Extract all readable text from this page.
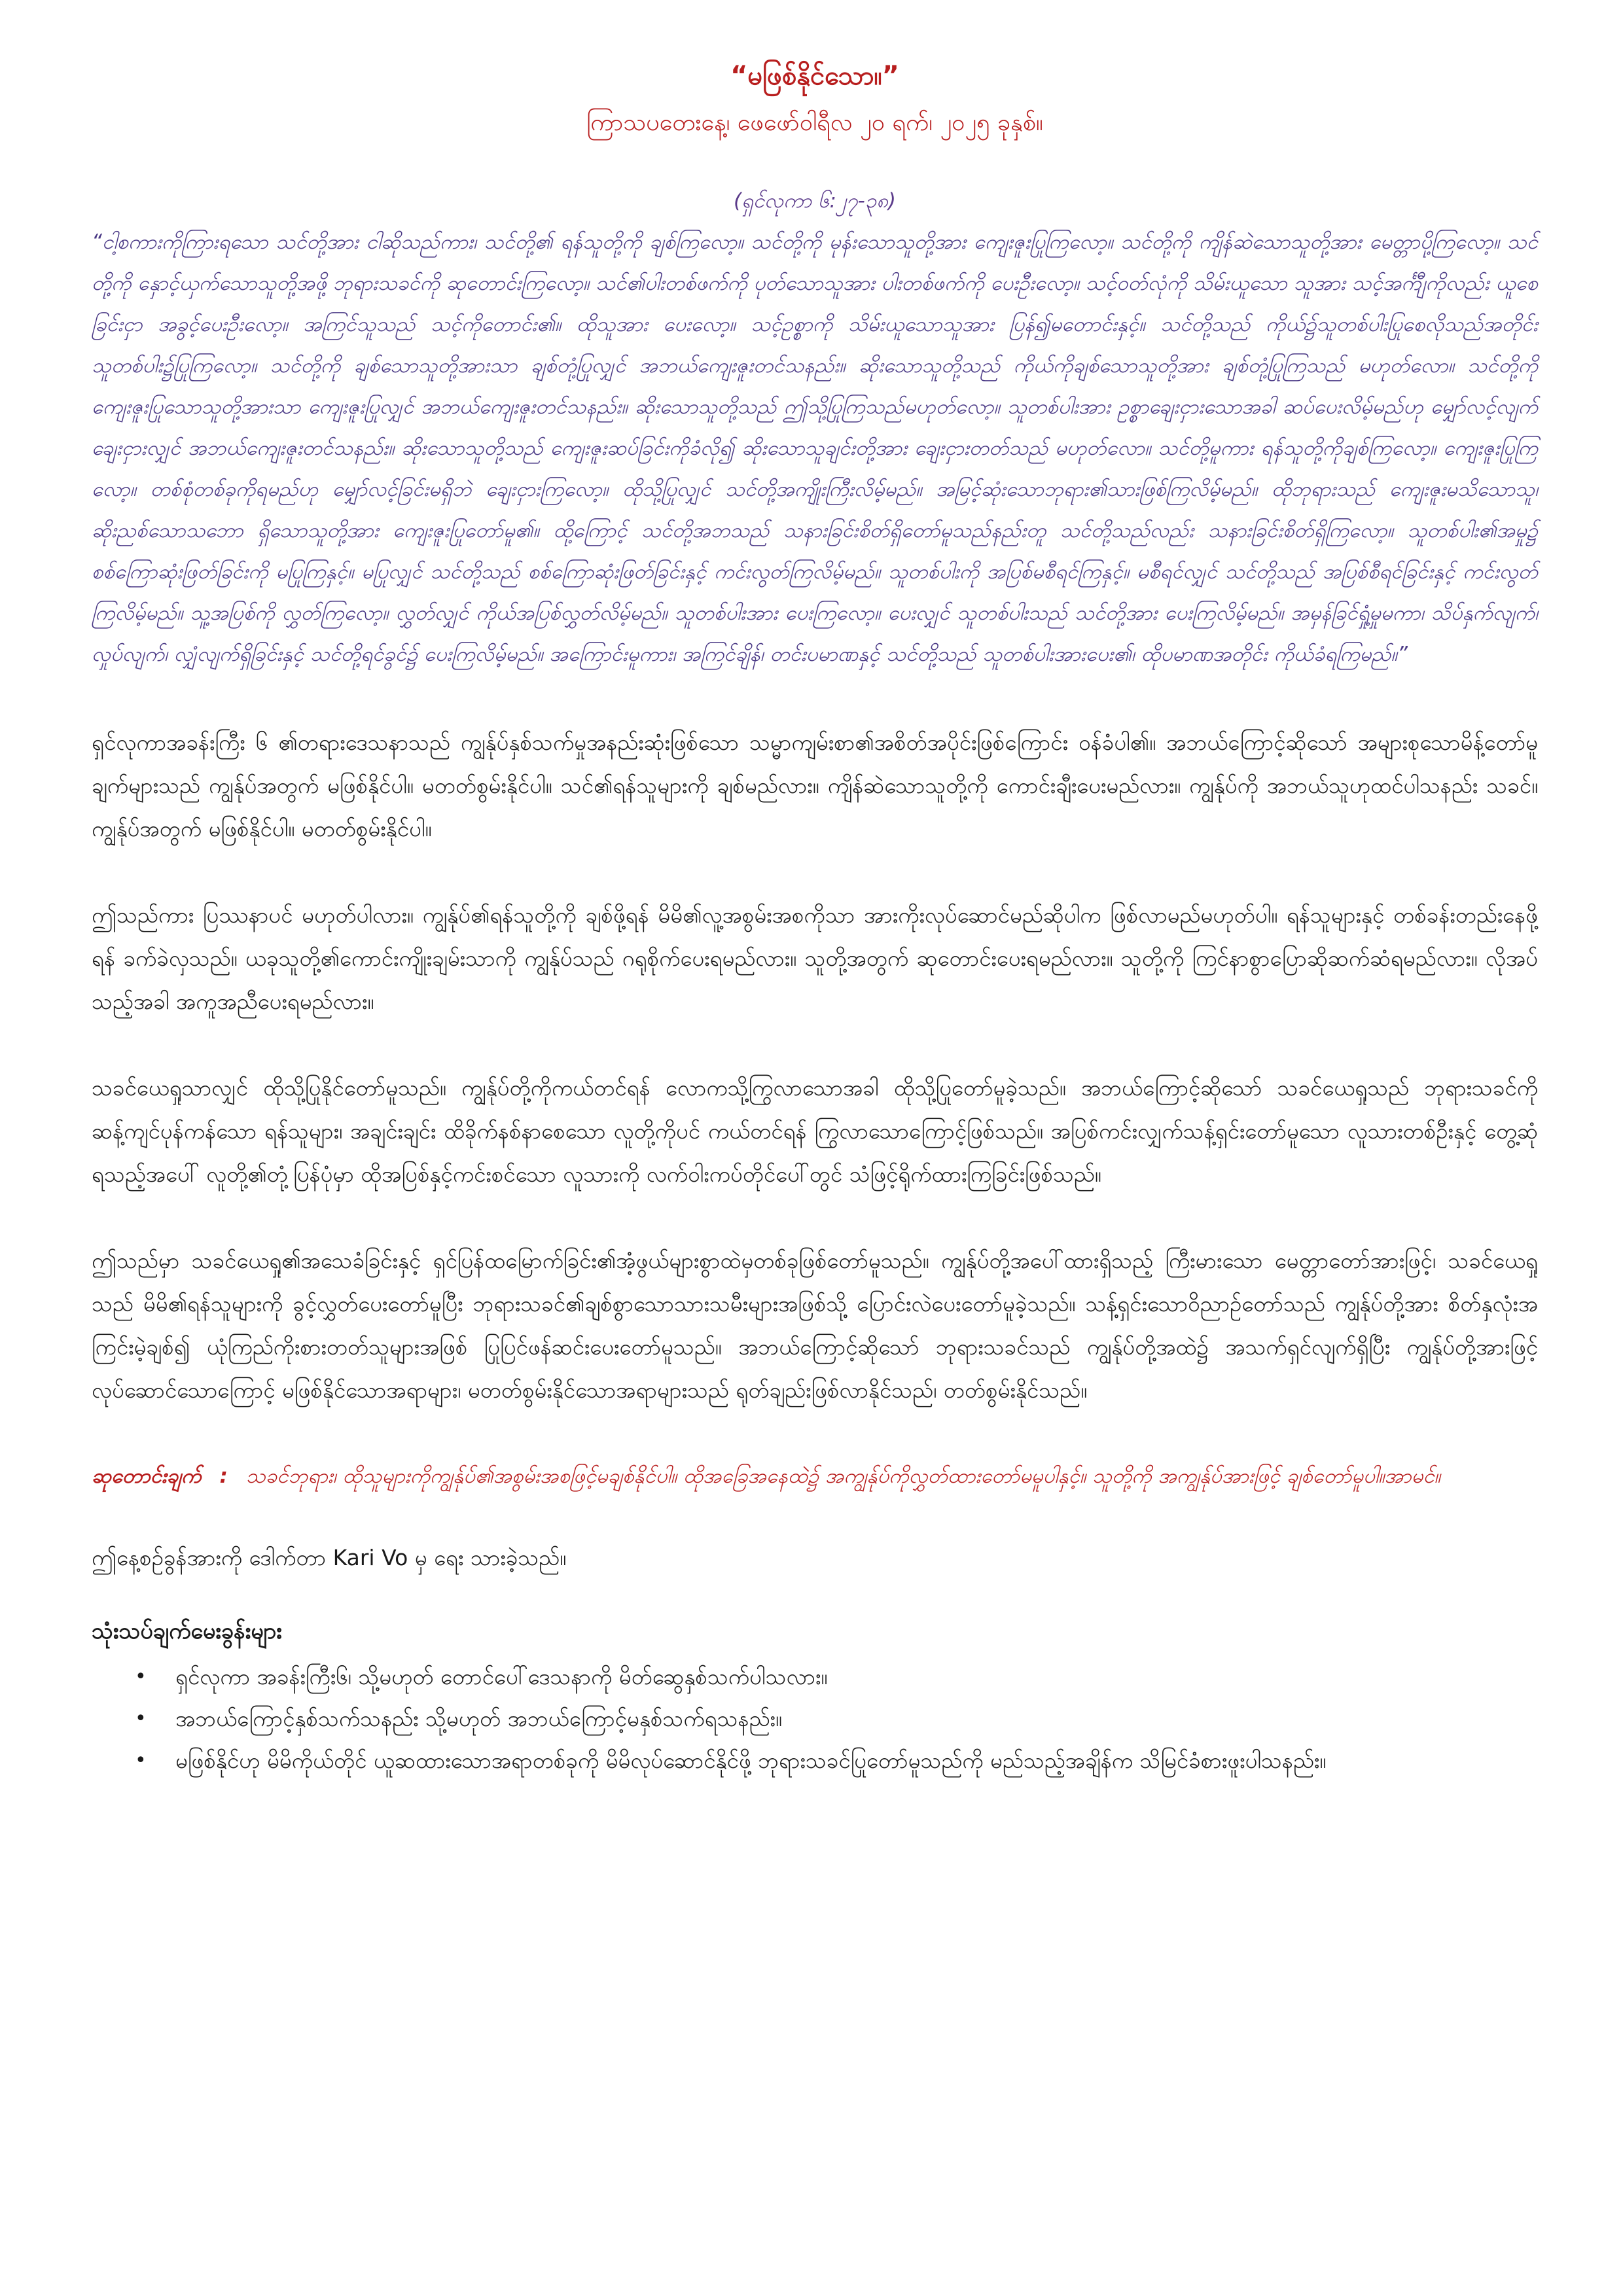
“မဖြစ်နိုင်သော။”
ကြာသပတေးနေ့၊ ဖေဖော်ဝါရီလ ၂၀ ရက်၊ ၂၀၂၅ ခုနှစ်။
(ရှင်လုကာ ၆:၂၇-၃၈)
“ငါ့စကားကိုကြားရသော သင်တို့အား ငါဆိုသည်ကား၊ သင်တို့၏ ရန်သူတို့ကို ချစ်ကြလော့။ သင်တို့ကို မုန်းသောသူတို့အား ကျေးဇူးပြုကြလော့။ သင်တို့ကို ကျိန်ဆဲသောသူတို့အား မေတ္တာပို့ကြလော့။ သင်တို့ကို နှောင့်ယှက်သောသူတို့အဖို့ ဘုရားသခင်ကို ဆုတောင်းကြလော့။ သင်၏ပါးတစ်ဖက်ကို ပုတ်သောသူအား ပါးတစ်ဖက်ကို ပေးဦးလော့။ သင့်ဝတ်လုံကို သိမ်းယူသော သူအား သင့်အင်္ကျီကိုလည်း ယူစေခြင်းငှာ အခွင့်ပေးဦးလော့။ အကြင်သူသည် သင့်ကိုတောင်း၏။ ထိုသူအား ပေးလော့။ သင့်ဥစ္စာကို သိမ်းယူသောသူအား ပြန်၍မတောင်းနှင့်။ သင်တို့သည် ကိုယ်၌သူတစ်ပါးပြုစေလိုသည်အတိုင်း သူတစ်ပါး၌ပြုကြလော့။ သင်တို့ကို ချစ်သောသူတို့အားသာ ချစ်တုံ့ပြုလျှင် အဘယ်ကျေးဇူးတင်သနည်း။ ဆိုးသောသူတို့သည် ကိုယ်ကိုချစ်သောသူတို့အား ချစ်တုံ့ပြုကြသည် မဟုတ်လော။ သင်တို့ကို ကျေးဇူးပြုသောသူတို့အားသာ ကျေးဇူးပြုလျှင် အဘယ်ကျေးဇူးတင်သနည်း။ ဆိုးသောသူတို့သည် ဤသို့ပြုကြသည်မဟုတ်လော့။ သူတစ်ပါးအား ဥစ္စာချေးငှားသောအခါ ဆပ်ပေးလိမ့်မည်ဟု မျှော်လင့်လျက်ချေးငှားလျှင် အဘယ်ကျေးဇူးတင်သနည်း။ ဆိုးသောသူတို့သည် ကျေးဇူးဆပ်ခြင်းကိုခံလို၍ ဆိုးသောသူချင်းတို့အား ချေးငှားတတ်သည် မဟုတ်လော။ သင်တို့မူကား ရန်သူတို့ကိုချစ်ကြလော့။ ကျေးဇူးပြုကြလော့။ တစ်စုံတစ်ခုကိုရမည်ဟု မျှော်လင့်ခြင်းမရှိဘဲ ချေးငှားကြလော့။ ထိုသို့ပြုလျှင် သင်တို့အကျိုးကြီးလိမ့်မည်။ အမြင့်ဆုံးသောဘုရား၏သားဖြစ်ကြလိမ့်မည်။ ထိုဘုရားသည် ကျေးဇူးမသိသောသူ၊ ဆိုးညစ်သောသဘော ရှိသောသူတို့အား ကျေးဇူးပြုတော်မူ၏။ ထို့ကြောင့် သင်တို့အဘသည် သနားခြင်းစိတ်ရှိတော်မူသည်နည်းတူ သင်တို့သည်လည်း သနားခြင်းစိတ်ရှိကြလော့။ သူတစ်ပါး၏အမှု၌ စစ်ကြောဆုံးဖြတ်ခြင်းကို မပြုကြနှင့်။ မပြုလျှင် သင်တို့သည် စစ်ကြောဆုံးဖြတ်ခြင်းနှင့် ကင်းလွတ်ကြလိမ့်မည်။ သူတစ်ပါးကို အပြစ်မစီရင်ကြနှင့်။ မစီရင်လျှင် သင်တို့သည် အပြစ်စီရင်ခြင်းနှင့် ကင်းလွတ်ကြလိမ့်မည်။ သူ့အပြစ်ကို လွှတ်ကြလော့။ လွှတ်လျှင် ကိုယ်အပြစ်လွှတ်လိမ့်မည်။ သူတစ်ပါးအား ပေးကြလော့။ ပေးလျှင် သူတစ်ပါးသည် သင်တို့အား ပေးကြလိမ့်မည်။ အမှန်ခြင်ရှုံ့မှုမကာ၊ သိပ်နှက်လျက်၊ လှုပ်လျက်၊ လျှံလျက်ရှိခြင်းနှင့် သင်တို့ရင်ခွင်၌ ပေးကြလိမ့်မည်။ အကြောင်းမူကား၊ အကြင်ချိန်၊ တင်းပမာဏနှင့် သင်တို့သည် သူတစ်ပါးအားပေး၏၊ ထိုပမာဏအတိုင်း ကိုယ်ခံရကြမည်။”
ရှင်လုကာအခန်းကြီး ၆ ၏တရားဒေသနာသည် ကျွန်ုပ်နှစ်သက်မှုအနည်းဆုံးဖြစ်သော သမ္မာကျမ်းစာ၏အစိတ်အပိုင်းဖြစ်ကြောင်း ဝန်ခံပါ၏။ အဘယ်ကြောင့်ဆိုသော် အများစုသောမိန့်တော်မူချက်များသည် ကျွန်ုပ်အတွက် မဖြစ်နိုင်ပါ။ မတတ်စွမ်းနိုင်ပါ။ သင်၏ရန်သူများကို ချစ်မည်လား။ ကျိန်ဆဲသောသူတို့ကို ကောင်းချီးပေးမည်လား။ ကျွန်ုပ်ကို အဘယ်သူဟုထင်ပါသနည်း သခင်။ ကျွန်ုပ်အတွက် မဖြစ်နိုင်ပါ။ မတတ်စွမ်းနိုင်ပါ။
ဤသည်ကား ပြဿနာပင် မဟုတ်ပါလား။ ကျွန်ုပ်၏ရန်သူတို့ကို ချစ်ဖို့ရန် မိမိ၏လူ့အစွမ်းအစကိုသာ အားကိုးလုပ်ဆောင်မည်ဆိုပါက ဖြစ်လာမည်မဟုတ်ပါ။ ရန်သူများနှင့် တစ်ခန်းတည်းနေဖို့ရန် ခက်ခဲလှသည်။ ယခုသူတို့၏ကောင်းကျိုးချမ်းသာကို ကျွန်ုပ်သည် ဂရုစိုက်ပေးရမည်လား။ သူတို့အတွက် ဆုတောင်းပေးရမည်လား။ သူတို့ကို ကြင်နာစွာပြောဆိုဆက်ဆံရမည်လား။ လိုအပ်သည့်အခါ အကူအညီပေးရမည်လား။
သခင်ယေရှုသာလျှင် ထိုသို့ပြုနိုင်တော်မူသည်။ ကျွန်ုပ်တို့ကိုကယ်တင်ရန် လောကသို့ကြွလာသောအခါ ထိုသို့ပြုတော်မူခဲ့သည်။ အဘယ်ကြောင့်ဆိုသော် သခင်ယေရှုသည် ဘုရားသခင်ကို ဆန့်ကျင်ပုန်ကန်သော ရန်သူများ၊ အချင်းချင်း ထိခိုက်နစ်နာစေသော လူတို့ကိုပင် ကယ်တင်ရန် ကြွလာသောကြောင့်ဖြစ်သည်။ အပြစ်ကင်းလျှက်သန့်ရှင်းတော်မူသော လူသားတစ်ဦးနှင့် တွေ့ဆုံရသည့်အပေါ် လူတို့၏တုံ့ပြန်ပုံမှာ ထိုအပြစ်နှင့်ကင်းစင်သော လူသားကို လက်ဝါးကပ်တိုင်ပေါ်တွင် သံဖြင့်ရိုက်ထားကြခြင်းဖြစ်သည်။
ဤသည်မှာ သခင်ယေရှု၏အသေခံခြင်းနှင့် ရှင်ပြန်ထမြောက်ခြင်း၏အံ့ဖွယ်များစွာထဲမှတစ်ခုဖြစ်တော်မူသည်။ ကျွန်ုပ်တို့အပေါ်ထားရှိသည့် ကြီးမားသော မေတ္တာတော်အားဖြင့်၊ သခင်ယေရှုသည် မိမိ၏ရန်သူများကို ခွင့်လွှတ်ပေးတော်မူပြီး ဘုရားသခင်၏ချစ်စွာသောသားသမီးများအဖြစ်သို့ ပြောင်းလဲပေးတော်မူခဲ့သည်။ သန့်ရှင်းသောဝိညာဉ်တော်သည် ကျွန်ုပ်တို့အား စိတ်နှလုံးအကြင်းမဲ့ချစ်၍ ယုံကြည်ကိုးစားတတ်သူများအဖြစ် ပြုပြင်ဖန်ဆင်းပေးတော်မူသည်။ အဘယ်ကြောင့်ဆိုသော် ဘုရားသခင်သည် ကျွန်ုပ်တို့အထဲ၌ အသက်ရှင်လျက်ရှိပြီး ကျွန်ုပ်တို့အားဖြင့် လုပ်ဆောင်သောကြောင့် မဖြစ်နိုင်သောအရာများ၊ မတတ်စွမ်းနိုင်သောအရာများသည် ရုတ်ချည်းဖြစ်လာနိုင်သည်၊ တတ်စွမ်းနိုင်သည်။
ဆုတောင်းချက် : သခင်ဘုရား၊ ထိုသူများကိုကျွန်ုပ်၏အစွမ်းအစဖြင့်မချစ်နိုင်ပါ။ ထိုအခြေအနေထဲ၌ အကျွန်ုပ်ကိုလွှတ်ထားတော်မမူပါနှင့်။ သူတို့ကို အကျွန်ုပ်အားဖြင့် ချစ်တော်မူပါ။အာမင်။
ဤနေ့စဉ်ခွန်အားကို ဒေါက်တာ Kari Vo မှ ရေး သားခဲ့သည်။
သုံးသပ်ချက်မေးခွန်းများ
• ရှင်လုကာ အခန်းကြီး၆၊ သို့မဟုတ် တောင်ပေါ်ဒေသနာကို မိတ်ဆွေနှစ်သက်ပါသလား။
• အဘယ်ကြောင့်နှစ်သက်သနည်း သို့မဟုတ် အဘယ်ကြောင့်မနှစ်သက်ရသနည်း။
• မဖြစ်နိုင်ဟု မိမိကိုယ်တိုင် ယူဆထားသောအရာတစ်ခုကို မိမိလုပ်ဆောင်နိုင်ဖို့ ဘုရားသခင်ပြုတော်မူသည်ကို မည်သည့်အချိန်က သိမြင်ခံစားဖူးပါသနည်း။
